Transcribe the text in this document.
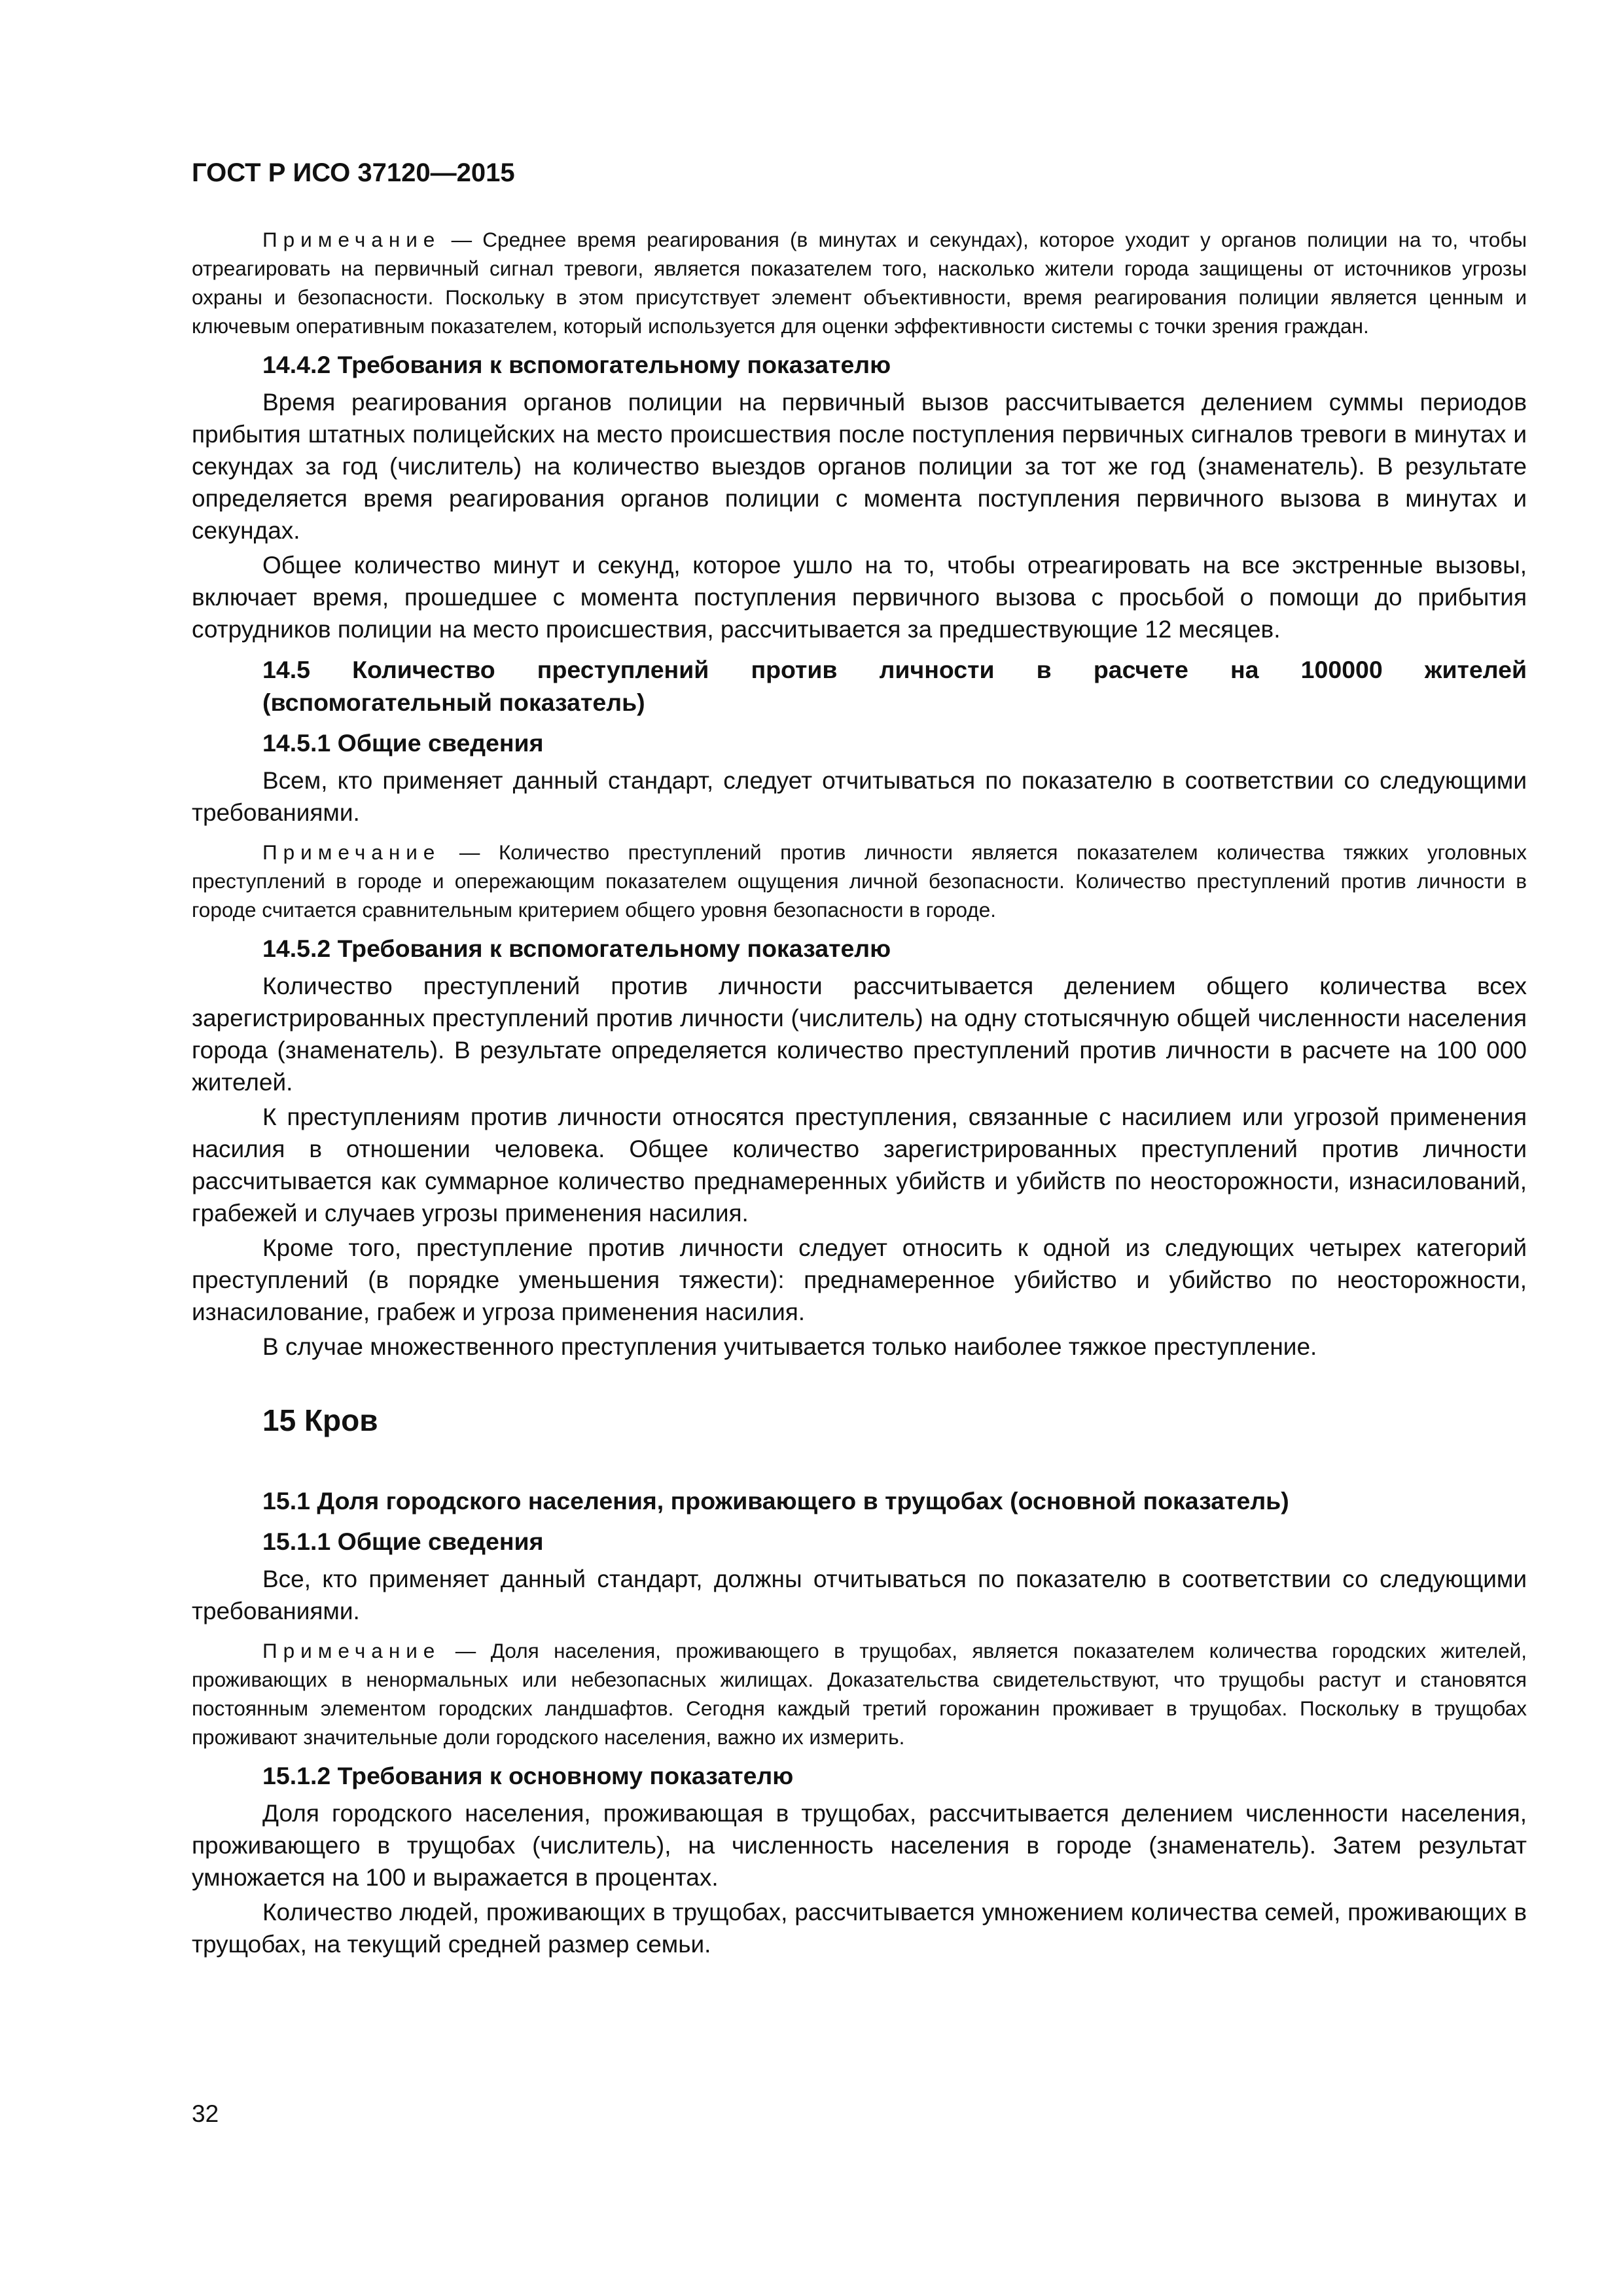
ГОСТ Р ИСО 37120—2015
Примечание — Среднее время реагирования (в минутах и секундах), которое уходит у органов полиции на то, чтобы отреагировать на первичный сигнал тревоги, является показателем того, насколько жители города защищены от источников угрозы охраны и безопасности. Поскольку в этом присутствует элемент объективности, время реагирования полиции является ценным и ключевым оперативным показателем, который используется для оценки эффективности системы с точки зрения граждан.
14.4.2 Требования к вспомогательному показателю
Время реагирования органов полиции на первичный вызов рассчитывается делением суммы периодов прибытия штатных полицейских на место происшествия после поступления первичных сигналов тревоги в минутах и секундах за год (числитель) на количество выездов органов полиции за тот же год (знаменатель). В результате определяется время реагирования органов полиции с момента поступления первичного вызова в минутах и секундах.
Общее количество минут и секунд, которое ушло на то, чтобы отреагировать на все экстренные вызовы, включает время, прошедшее с момента поступления первичного вызова с просьбой о помощи до прибытия сотрудников полиции на место происшествия, рассчитывается за предшествующие 12 месяцев.
14.5 Количество преступлений против личности в расчете на 100000 жителей
(вспомогательный показатель)
14.5.1 Общие сведения
Всем, кто применяет данный стандарт, следует отчитываться по показателю в соответствии со следующими требованиями.
Примечание — Количество преступлений против личности является показателем количества тяжких уголовных преступлений в городе и опережающим показателем ощущения личной безопасности. Количество преступлений против личности в городе считается сравнительным критерием общего уровня безопасности в городе.
14.5.2 Требования к вспомогательному показателю
Количество преступлений против личности рассчитывается делением общего количества всех зарегистрированных преступлений против личности (числитель) на одну стотысячную общей численности населения города (знаменатель). В результате определяется количество преступлений против личности в расчете на 100 000 жителей.
К преступлениям против личности относятся преступления, связанные с насилием или угрозой применения насилия в отношении человека. Общее количество зарегистрированных преступлений против личности рассчитывается как суммарное количество преднамеренных убийств и убийств по неосторожности, изнасилований, грабежей и случаев угрозы применения насилия.
Кроме того, преступление против личности следует относить к одной из следующих четырех категорий преступлений (в порядке уменьшения тяжести): преднамеренное убийство и убийство по неосторожности, изнасилование, грабеж и угроза применения насилия.
В случае множественного преступления учитывается только наиболее тяжкое преступление.
15 Кров
15.1 Доля городского населения, проживающего в трущобах (основной показатель)
15.1.1 Общие сведения
Все, кто применяет данный стандарт, должны отчитываться по показателю в соответствии со следующими требованиями.
Примечание — Доля населения, проживающего в трущобах, является показателем количества городских жителей, проживающих в ненормальных или небезопасных жилищах. Доказательства свидетельствуют, что трущобы растут и становятся постоянным элементом городских ландшафтов. Сегодня каждый третий горожанин проживает в трущобах. Поскольку в трущобах проживают значительные доли городского населения, важно их измерить.
15.1.2 Требования к основному показателю
Доля городского населения, проживающая в трущобах, рассчитывается делением численности населения, проживающего в трущобах (числитель), на численность населения в городе (знаменатель). Затем результат умножается на 100 и выражается в процентах.
Количество людей, проживающих в трущобах, рассчитывается умножением количества семей, проживающих в трущобах, на текущий средней размер семьи.
32
